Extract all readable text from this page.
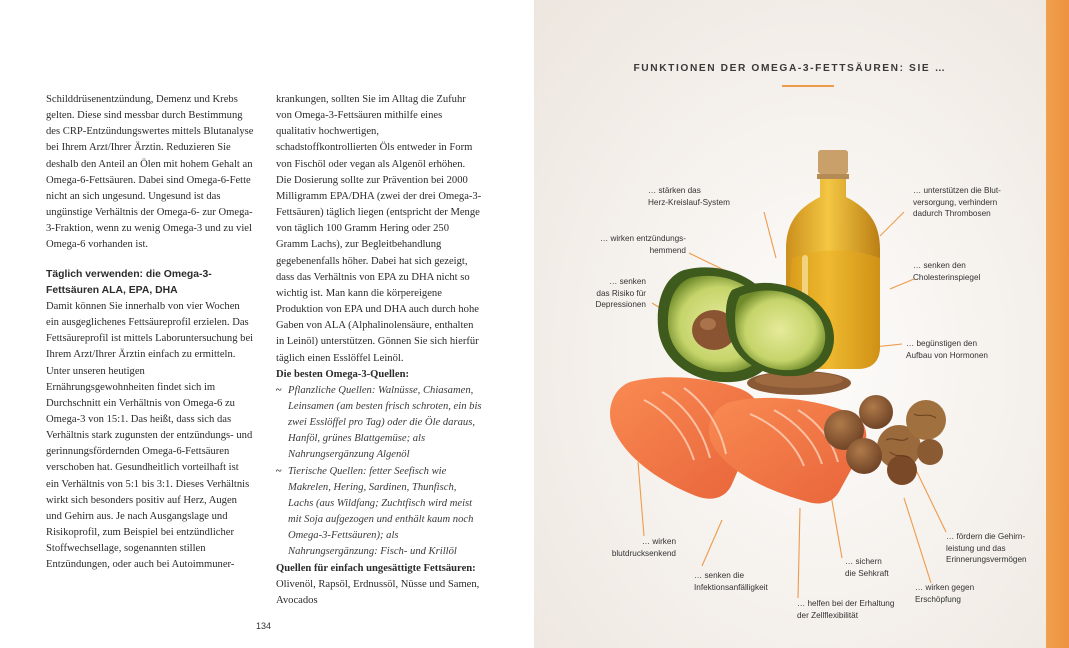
Schilddrüsenentzündung, Demenz und Krebs gelten. Diese sind messbar durch Bestimmung des CRP-Entzündungswertes mittels Blutanalyse bei Ihrem Arzt/Ihrer Ärztin. Reduzieren Sie deshalb den Anteil an Ölen mit hohem Gehalt an Omega-6-Fettsäuren. Dabei sind Omega-6-Fette nicht an sich ungesund. Ungesund ist das ungünstige Verhältnis der Omega-6- zur Omega-3-Fraktion, wenn zu wenig Omega-3 und zu viel Omega-6 vorhanden ist.

Täglich verwenden: die Omega-3-Fettsäuren ALA, EPA, DHA

Damit können Sie innerhalb von vier Wochen ein ausgeglichenes Fettsäureprofil erzielen. Das Fettsäureprofil ist mittels Laboruntersuchung bei Ihrem Arzt/Ihrer Ärztin einfach zu ermitteln.

Unter unseren heutigen Ernährungsgewohnheiten findet sich im Durchschnitt ein Verhältnis von Omega-6 zu Omega-3 von 15:1. Das heißt, dass sich das Verhältnis stark zugunsten der entzündungs- und gerinnungsfördernden Omega-6-Fettsäuren verschoben hat. Gesundheitlich vorteilhaft ist ein Verhältnis von 5:1 bis 3:1. Dieses Verhältnis wirkt sich besonders positiv auf Herz, Augen und Gehirn aus. Je nach Ausgangslage und Risikoprofil, zum Beispiel bei entzündlicher Stoffwechsellage, sogenannten stillen Entzündungen, oder auch bei Autoimmuner-

krankungen, sollten Sie im Alltag die Zufuhr von Omega-3-Fettsäuren mithilfe eines qualitativ hochwertigen, schadstoffkontrollierten Öls entweder in Form von Fischöl oder vegan als Algenöl erhöhen. Die Dosierung sollte zur Prävention bei 2000 Milligramm EPA/DHA (zwei der drei Omega-3-Fettsäuren) täglich liegen (entspricht der Menge von täglich 100 Gramm Hering oder 250 Gramm Lachs), zur Begleitbehandlung gegebenenfalls höher. Dabei hat sich gezeigt, dass das Verhältnis von EPA zu DHA nicht so wichtig ist. Man kann die körpereigene Produktion von EPA und DHA auch durch hohe Gaben von ALA (Alphalinolensäure, enthalten in Leinöl) unterstützen. Gönnen Sie sich hierfür täglich einen Esslöffel Leinöl.

Die besten Omega-3-Quellen:

~ Pflanzliche Quellen: Walnüsse, Chiasamen, Leinsamen (am besten frisch schroten, ein bis zwei Esslöffel pro Tag) oder die Öle daraus, Hanföl, grünes Blattgemüse; als Nahrungsergänzung Algenöl

~ Tierische Quellen: fetter Seefisch wie Makrelen, Hering, Sardinen, Thunfisch, Lachs (aus Wildfang; Zuchtfisch wird meist mit Soja aufgezogen und enthält kaum noch Omega-3-Fettsäuren); als Nahrungsergänzung: Fisch- und Krillöl

Quellen für einfach ungesättigte Fettsäuren: Olivenöl, Rapsöl, Erdnussöl, Nüsse und Samen, Avocados

134
FUNKTIONEN DER OMEGA-3-FETTSÄUREN: SIE …
… stärken das
Herz-Kreislauf-System
… unterstützen die Blut-
versorgung, verhindern
dadurch Thrombosen
… wirken entzündungs-
hemmend
… senken den
Cholesterinspiegel
… senken
das Risiko für
Depressionen
… begünstigen den
Aufbau von Hormonen
… wirken
blutdrucksenkend
… fördern die Gehirn-
leistung und das
Erinnerungsvermögen
… senken die
Infektionsanfälligkeit
… sichern
die Sehkraft
… wirken gegen
Erschöpfung
… helfen bei der Erhaltung
der Zellflexibilität
